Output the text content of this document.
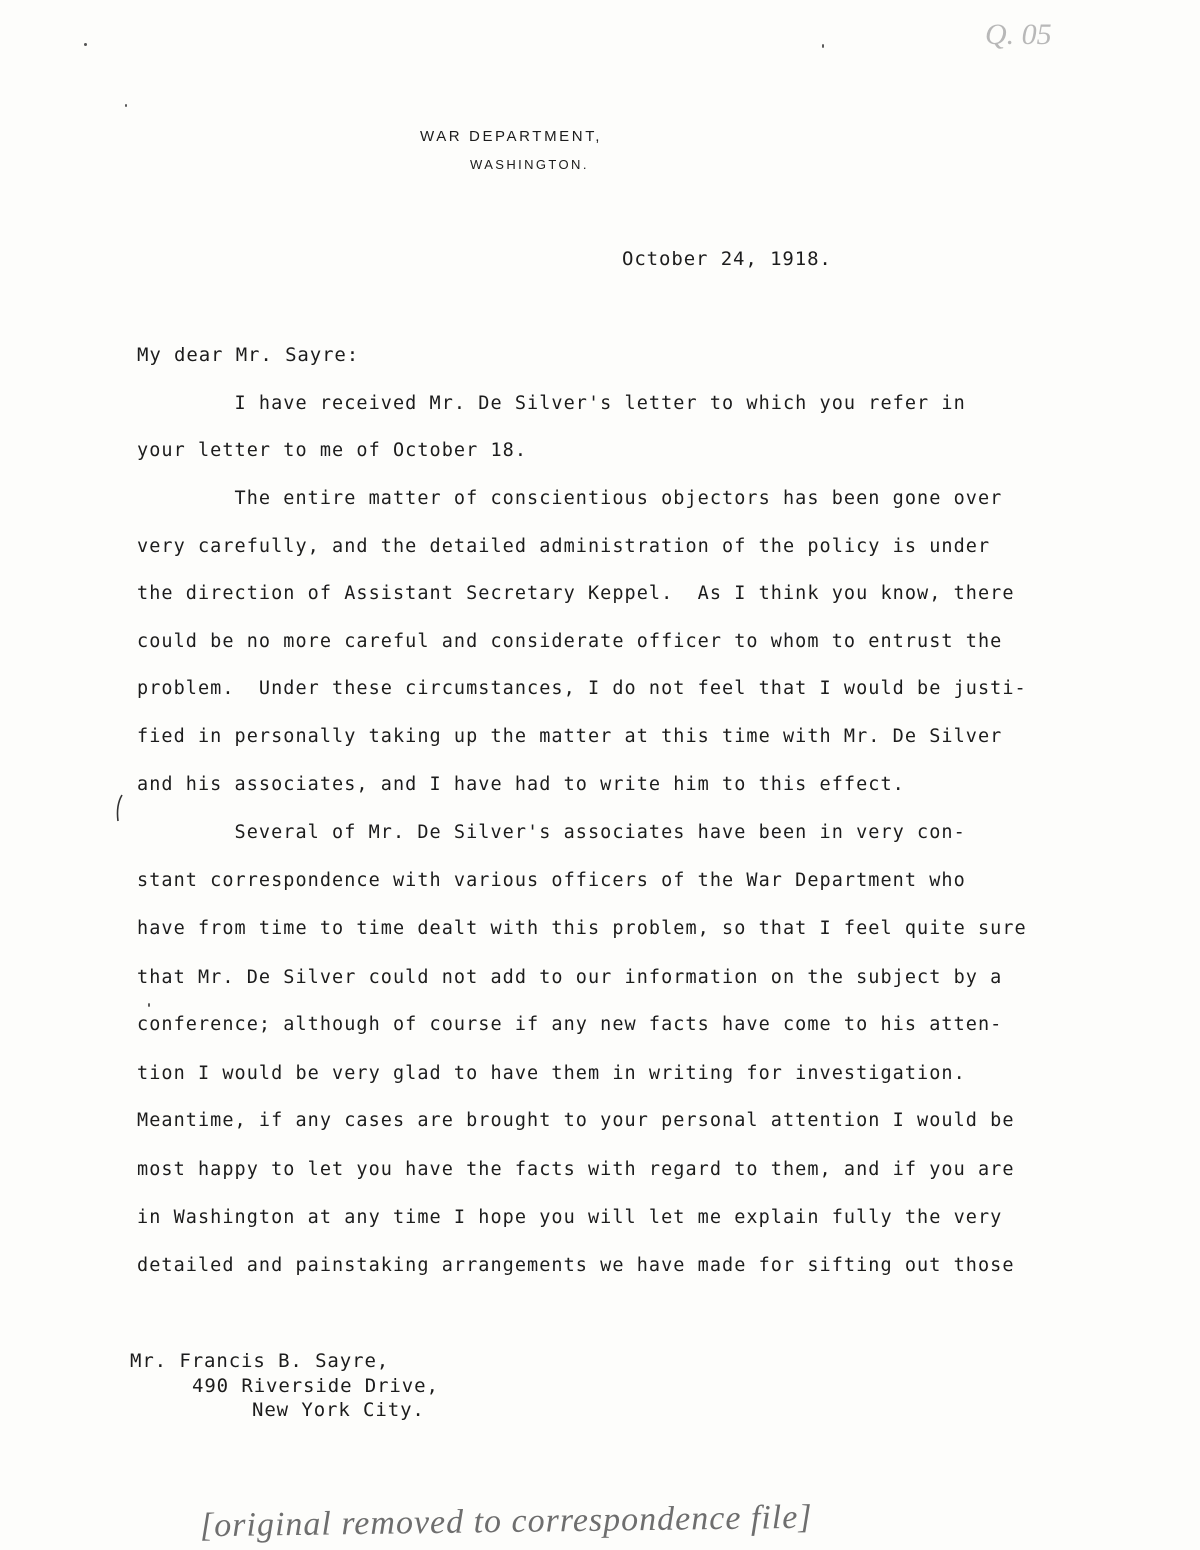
Q. 05
WAR DEPARTMENT,
WASHINGTON.
October 24, 1918.
My dear Mr. Sayre:
I have received Mr. De Silver's letter to which you refer in
your letter to me of October 18.
The entire matter of conscientious objectors has been gone over
very carefully, and the detailed administration of the policy is under
the direction of Assistant Secretary Keppel.  As I think you know, there
could be no more careful and considerate officer to whom to entrust the
problem.  Under these circumstances, I do not feel that I would be justi-
fied in personally taking up the matter at this time with Mr. De Silver
and his associates, and I have had to write him to this effect.
Several of Mr. De Silver's associates have been in very con-
stant correspondence with various officers of the War Department who
have from time to time dealt with this problem, so that I feel quite sure
that Mr. De Silver could not add to our information on the subject by a
conference; although of course if any new facts have come to his atten-
tion I would be very glad to have them in writing for investigation.
Meantime, if any cases are brought to your personal attention I would be
most happy to let you have the facts with regard to them, and if you are
in Washington at any time I hope you will let me explain fully the very
detailed and painstaking arrangements we have made for sifting out those
Mr. Francis B. Sayre,
490 Riverside Drive,
New York City.
[original removed to correspondence file]
